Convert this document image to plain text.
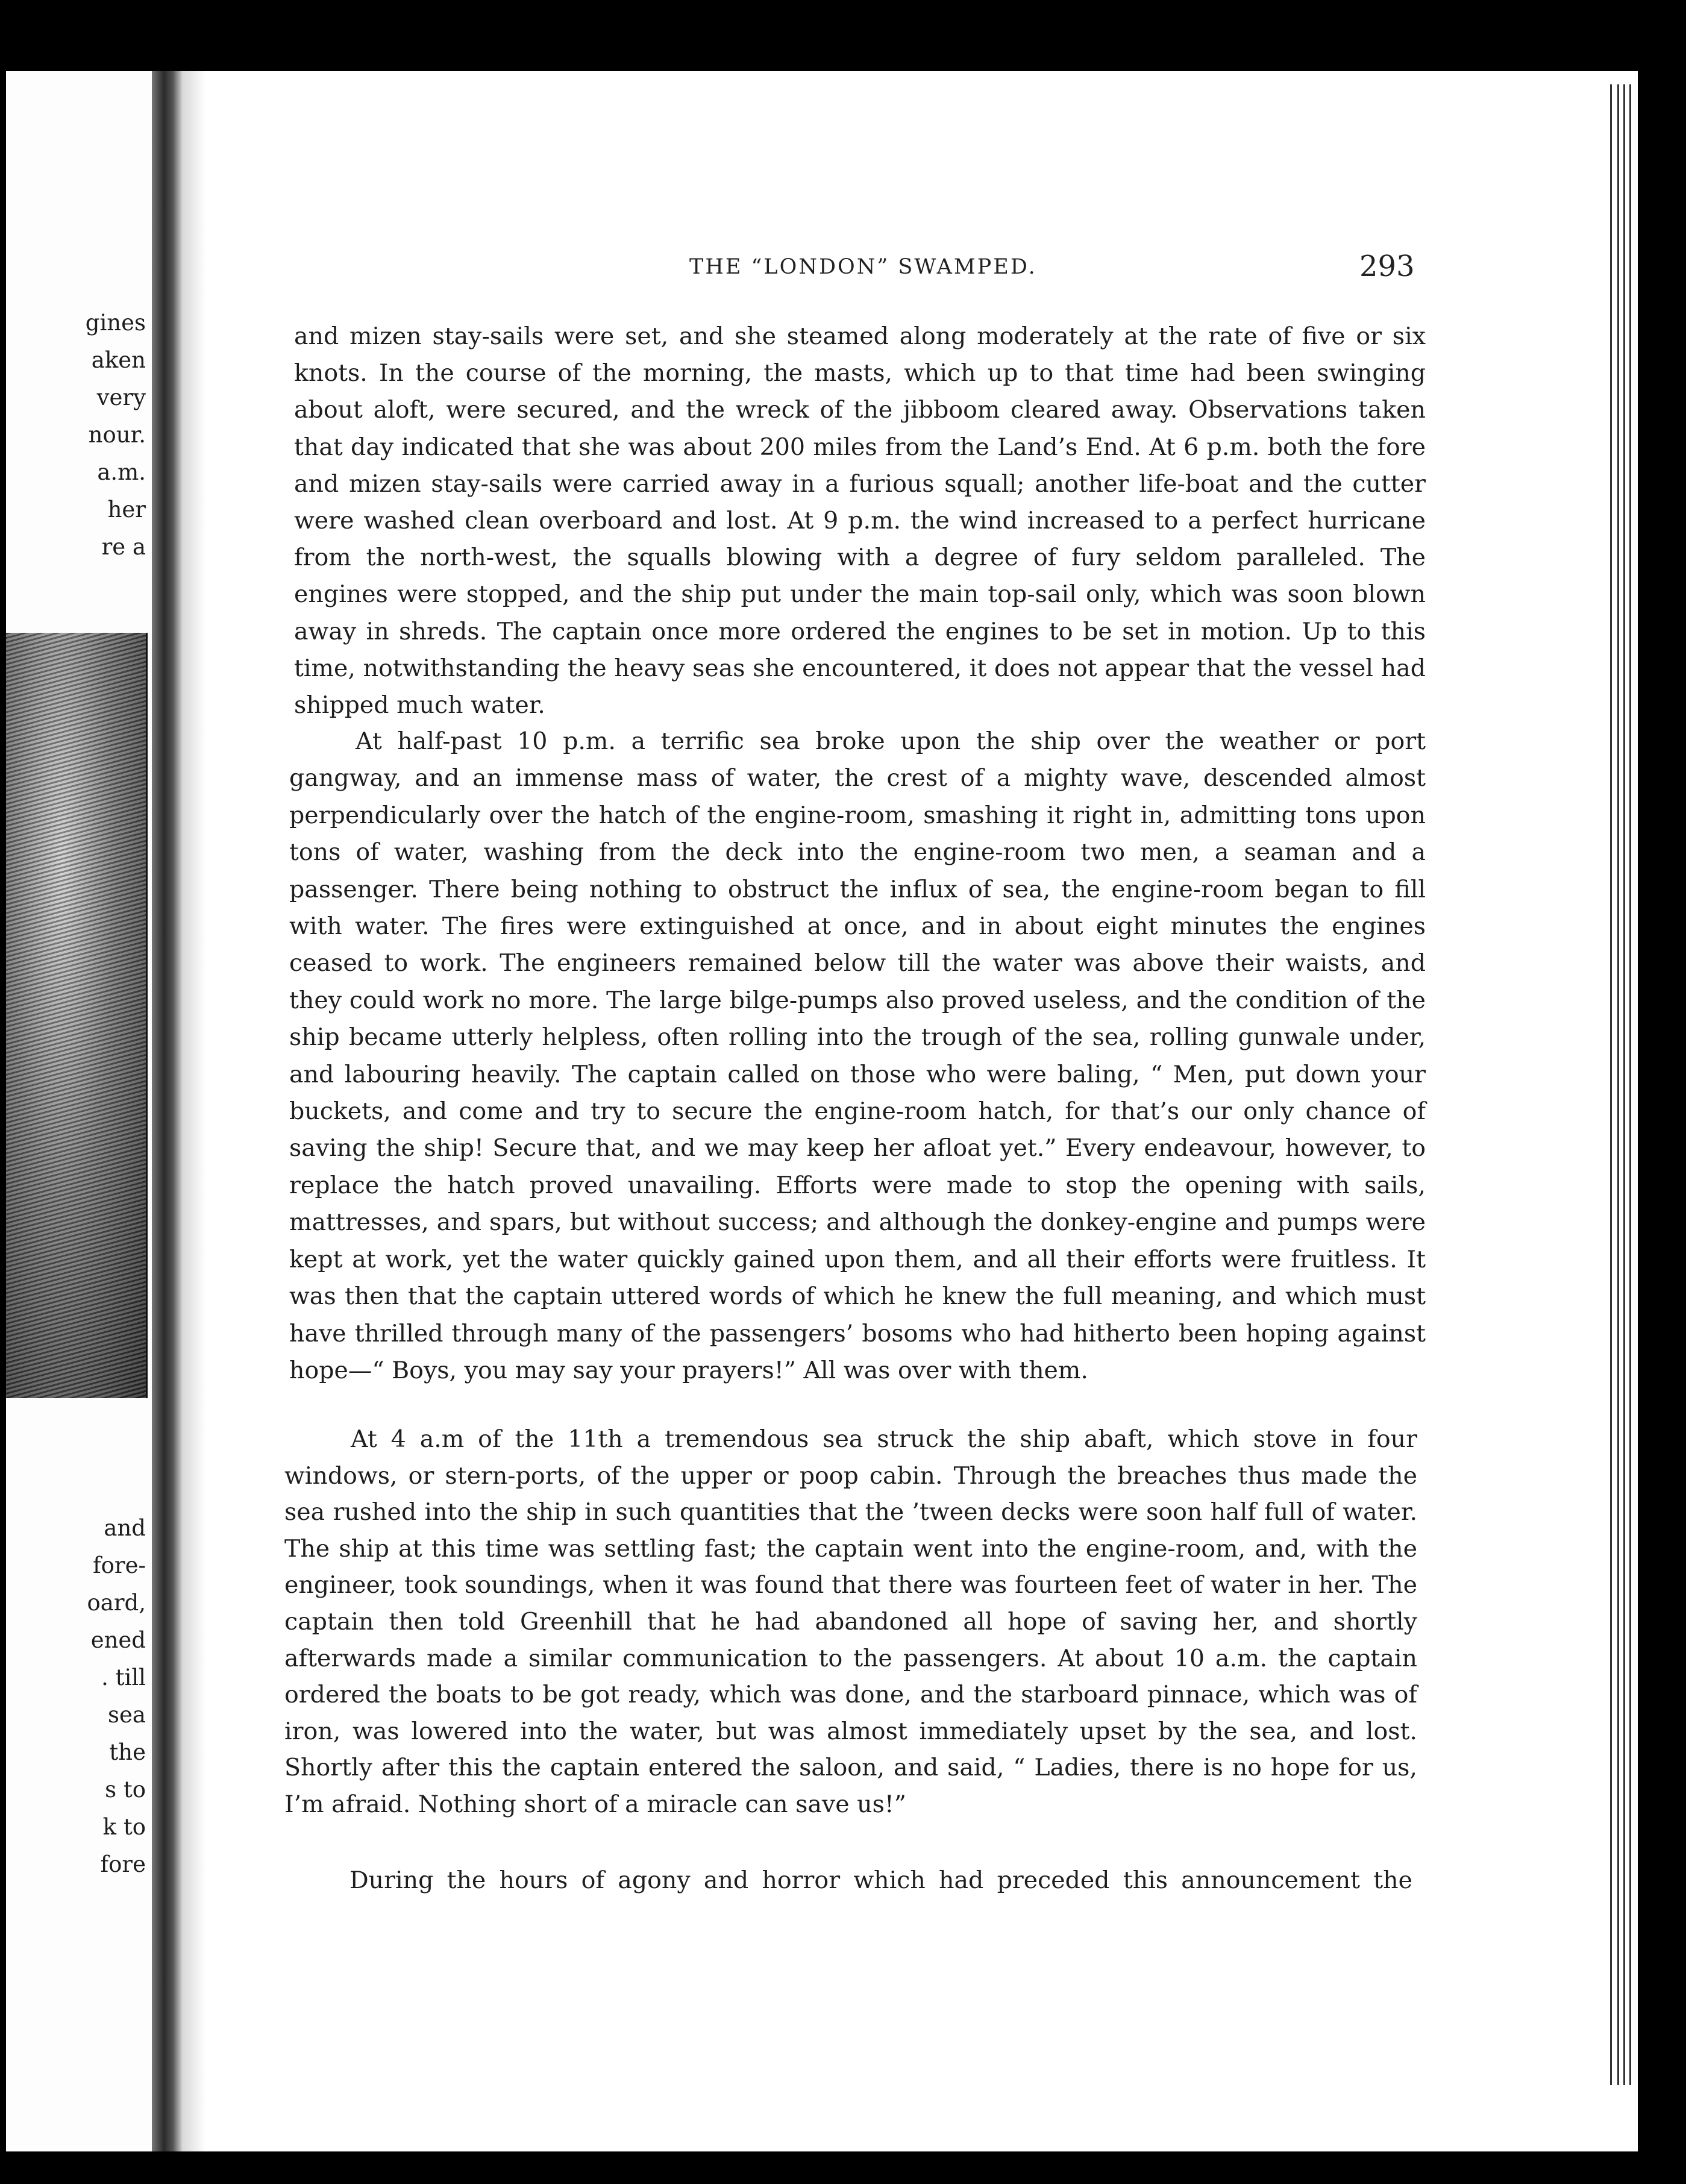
gines
aken
very
nour.
a.m.
her
re a
and
fore-
oard,
ened
. till
sea
the
s to
k to
fore
THE “LONDON” SWAMPED.	293

and mizen stay-sails were set, and she steamed along moderately at the rate of five or six knots. In the course of the morning, the masts, which up to that time had been swinging about aloft, were secured, and the wreck of the jibboom cleared away. Observations taken that day indicated that she was about 200 miles from the Land’s End. At 6 p.m. both the fore and mizen stay-sails were carried away in a furious squall; another life-boat and the cutter were washed clean overboard and lost. At 9 p.m. the wind increased to a perfect hurricane from the north-west, the squalls blowing with a degree of fury seldom paralleled. The engines were stopped, and the ship put under the main top-sail only, which was soon blown away in shreds. The captain once more ordered the engines to be set in motion. Up to this time, notwithstanding the heavy seas she encountered, it does not appear that the vessel had shipped much water.

At half-past 10 p.m. a terrific sea broke upon the ship over the weather or port gangway, and an immense mass of water, the crest of a mighty wave, descended almost perpendicularly over the hatch of the engine-room, smashing it right in, admitting tons upon tons of water, washing from the deck into the engine-room two men, a seaman and a passenger. There being nothing to obstruct the influx of sea, the engine-room began to fill with water. The fires were extinguished at once, and in about eight minutes the engines ceased to work. The engineers remained below till the water was above their waists, and they could work no more. The large bilge-pumps also proved useless, and the condition of the ship became utterly helpless, often rolling into the trough of the sea, rolling gunwale under, and labouring heavily. The captain called on those who were baling, “ Men, put down your buckets, and come and try to secure the engine-room hatch, for that’s our only chance of saving the ship! Secure that, and we may keep her afloat yet.” Every endeavour, however, to replace the hatch proved unavailing. Efforts were made to stop the opening with sails, mattresses, and spars, but without success; and although the donkey-engine and pumps were kept at work, yet the water quickly gained upon them, and all their efforts were fruitless. It was then that the captain uttered words of which he knew the full meaning, and which must have thrilled through many of the passengers’ bosoms who had hitherto been hoping against hope—“ Boys, you may say your prayers!” All was over with them.

At 4 a.m of the 11th a tremendous sea struck the ship abaft, which stove in four windows, or stern-ports, of the upper or poop cabin. Through the breaches thus made the sea rushed into the ship in such quantities that the ’tween decks were soon half full of water. The ship at this time was settling fast; the captain went into the engine-room, and, with the engineer, took soundings, when it was found that there was fourteen feet of water in her. The captain then told Greenhill that he had abandoned all hope of saving her, and shortly afterwards made a similar communication to the passengers. At about 10 a.m. the captain ordered the boats to be got ready, which was done, and the starboard pinnace, which was of iron, was lowered into the water, but was almost immediately upset by the sea, and lost. Shortly after this the captain entered the saloon, and said, “ Ladies, there is no hope for us, I’m afraid. Nothing short of a miracle can save us!”

During the hours of agony and horror which had preceded this announcement the
